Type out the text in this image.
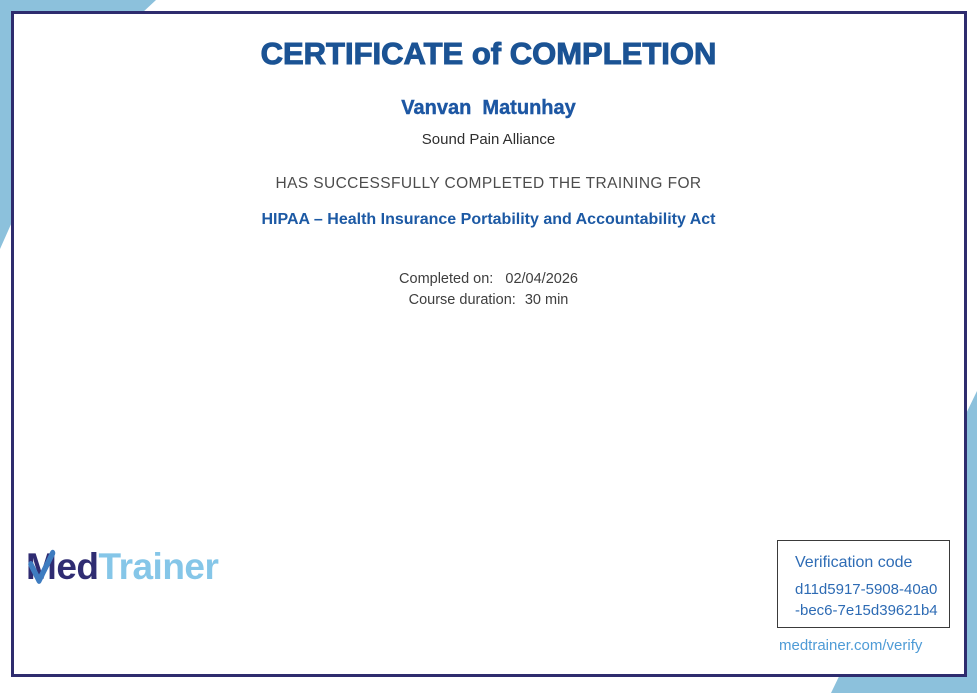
CERTIFICATE of COMPLETION
Vanvan  Matunhay
Sound Pain Alliance
HAS SUCCESSFULLY COMPLETED THE TRAINING FOR
HIPAA – Health Insurance Portability and Accountability Act
Completed on: 02/04/2026
Course duration: 30 min
M ed Trainer	Verification code
d11d5917-5908-40a0
-bec6-7e15d39621b4
medtrainer.com/verify
